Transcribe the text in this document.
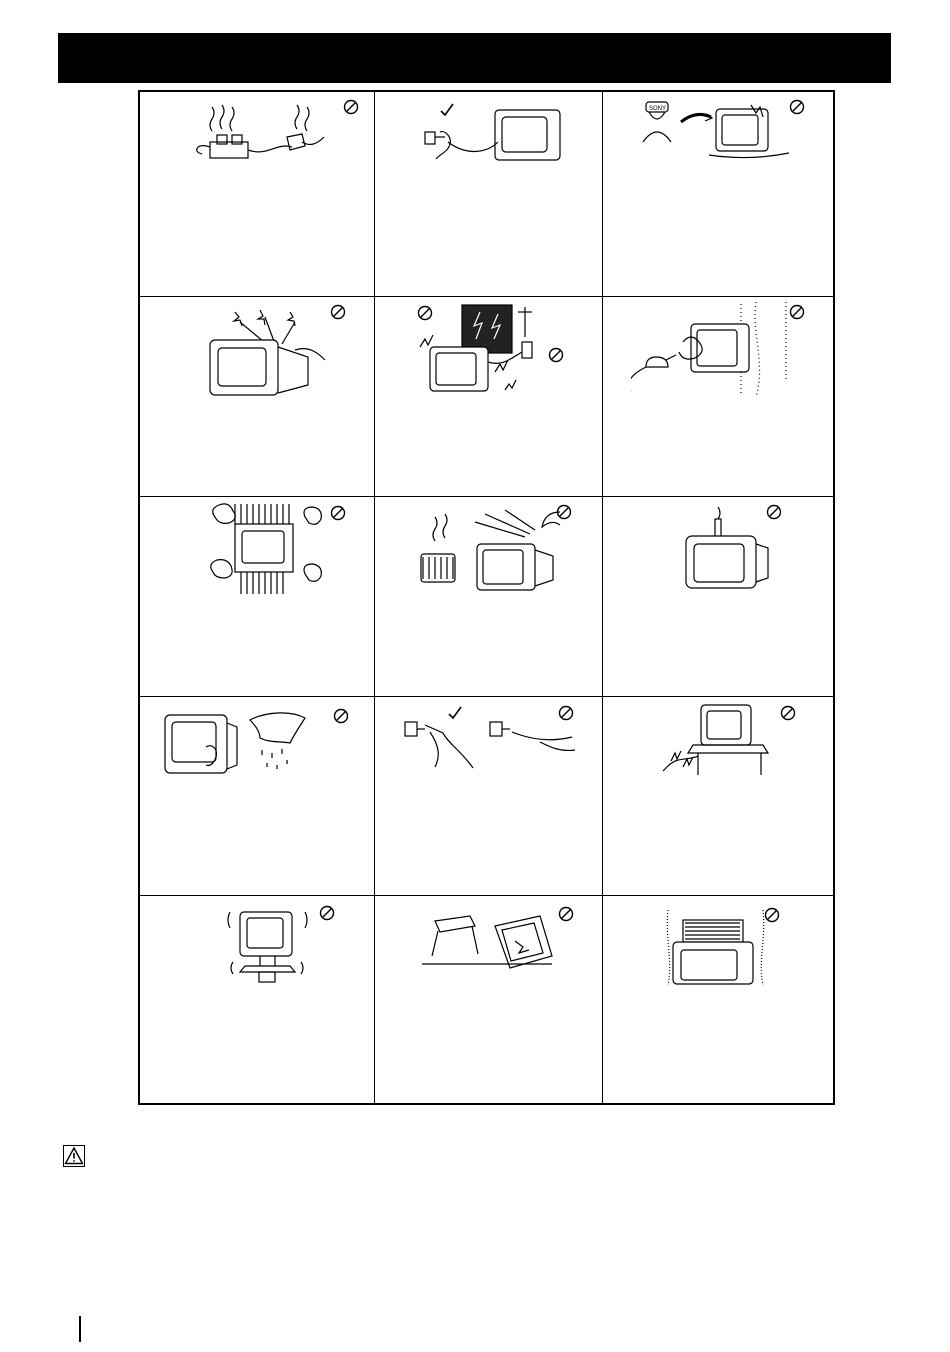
SONY
